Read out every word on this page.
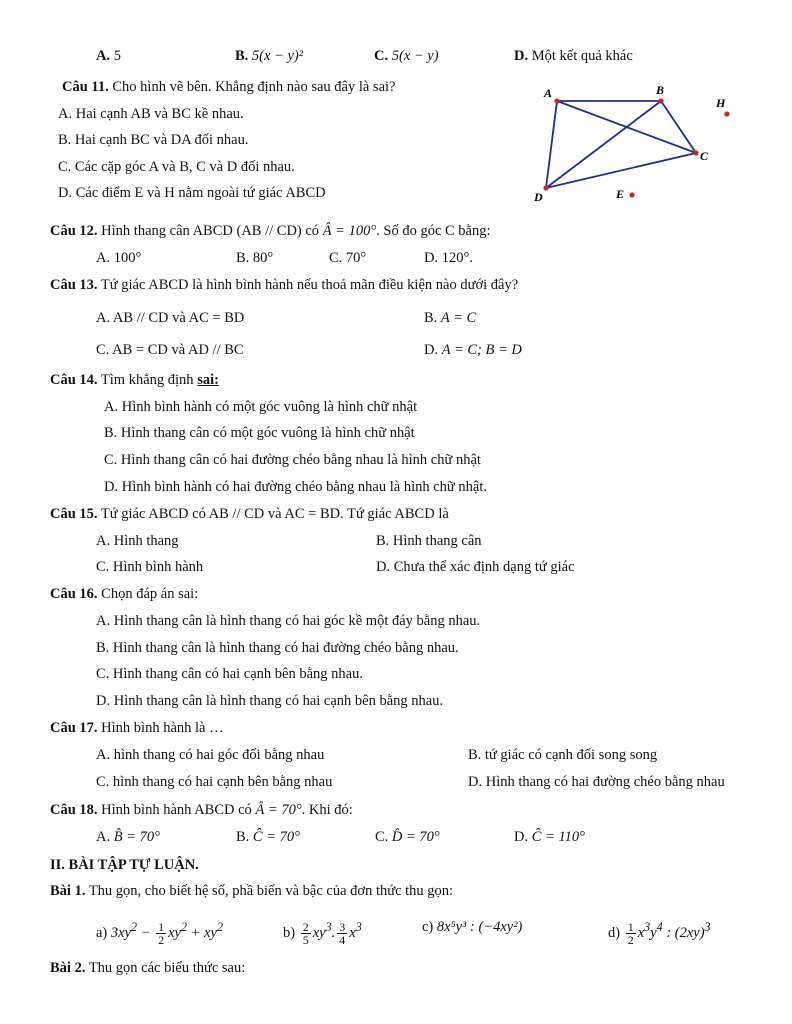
A. 5	B. 5(x − y)²	C. 5(x − y)	D. Một kết quả khác
Câu 11. Cho hình vẽ bên. Khẳng định nào sau đây là sai?
A. Hai cạnh AB và BC kề nhau.
B. Hai cạnh BC và DA đối nhau.
C. Các cặp góc A và B, C và D đối nhau.
D. Các điểm E và H nằm ngoài tứ giác ABCD
A	B
C
D	E
H
Câu 12. Hình thang cân ABCD (AB // CD) có Â = 100°. Số đo góc C bằng:
A. 100°	B. 80°	C. 70°	D. 120°.
Câu 13. Tứ giác ABCD là hình bình hành nếu thoả mãn điều kiện nào dưới đây?
A. AB // CD và AC = BD	B. A = C
C. AB = CD và AD // BC	D. A = C; B = D
Câu 14. Tìm khẳng định sai:
A. Hình bình hành có một góc vuông là hình chữ nhật
B. Hình thang cân có một góc vuông là hình chữ nhật
C. Hình thang cân có hai đường chéo bằng nhau là hình chữ nhật
D. Hình bình hành có hai đường chéo bằng nhau là hình chữ nhật.
Câu 15. Tứ giác ABCD có AB // CD và AC = BD. Tứ giác ABCD là
A. Hình thang	B. Hình thang cân
C. Hình bình hành	D. Chưa thể xác định dạng tứ giác
Câu 16. Chọn đáp án sai:
A. Hình thang cân là hình thang có hai góc kề một đáy bằng nhau.
B. Hình thang cân là hình thang có hai đường chéo bằng nhau.
C. Hình thang cân có hai cạnh bên bằng nhau.
D. Hình thang cân là hình thang có hai cạnh bên bằng nhau.
Câu 17. Hình bình hành là …
A. hình thang có hai góc đối bằng nhau	B. tứ giác có cạnh đối song song
C. hình thang có hai cạnh bên bằng nhau	D. Hình thang có hai đường chéo bằng nhau
Câu 18. Hình bình hành ABCD có Â = 70°. Khi đó:
A. B̂ = 70°	B. Ĉ = 70°	C. D̂ = 70°	D. Ĉ = 110°
II. BÀI TẬP TỰ LUẬN.
Bài 1. Thu gọn, cho biết hệ số, phầ biến và bậc của đơn thức thu gọn:
a) $3xy^2 - \frac{1}{2} xy^2 + xy^2$	$b) \frac{2}{5} xy^3$. $\frac{3}{4} x^3$	c) 8x⁵y³ : (−4xy²)	$d) \frac{1}{2} x^3y^4$ : $(2xy)^3$
Bài 2. Thu gọn các biểu thức sau:
